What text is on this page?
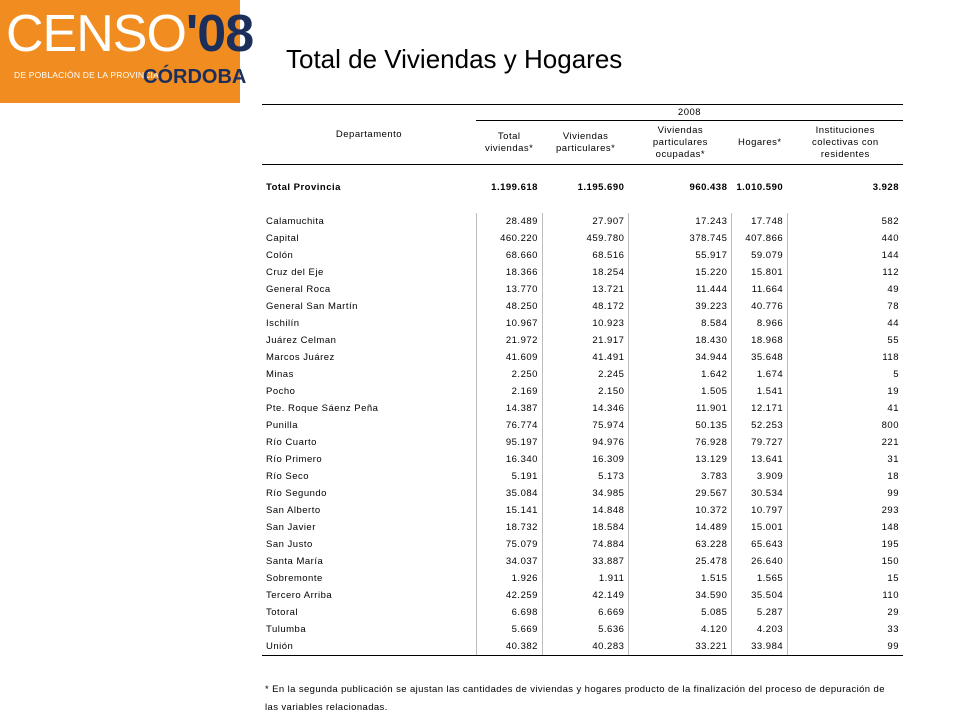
CENSO'08
DE POBLACIÓN DE LA PROVINCIA
CÓRDOBA
Total de Viviendas y Hogares
Departamento	2008				
	Total viviendas*	Viviendas particulares*	Viviendas particulares ocupadas*	Hogares*	Instituciones colectivas con residentes

Total Provincia	1.199.618	1.195.690	960.438	1.010.590	3.928

Calamuchita	28.489	27.907	17.243	17.748	582
Capital	460.220	459.780	378.745	407.866	440
Colón	68.660	68.516	55.917	59.079	144
Cruz del Eje	18.366	18.254	15.220	15.801	112
General Roca	13.770	13.721	11.444	11.664	49
General San Martín	48.250	48.172	39.223	40.776	78
Ischilín	10.967	10.923	8.584	8.966	44
Juárez Celman	21.972	21.917	18.430	18.968	55
Marcos Juárez	41.609	41.491	34.944	35.648	118
Minas	2.250	2.245	1.642	1.674	5
Pocho	2.169	2.150	1.505	1.541	19
Pte. Roque Sáenz Peña	14.387	14.346	11.901	12.171	41
Punilla	76.774	75.974	50.135	52.253	800
Río Cuarto	95.197	94.976	76.928	79.727	221
Río Primero	16.340	16.309	13.129	13.641	31
Río Seco	5.191	5.173	3.783	3.909	18
Río Segundo	35.084	34.985	29.567	30.534	99
San Alberto	15.141	14.848	10.372	10.797	293
San Javier	18.732	18.584	14.489	15.001	148
San Justo	75.079	74.884	63.228	65.643	195
Santa María	34.037	33.887	25.478	26.640	150
Sobremonte	1.926	1.911	1.515	1.565	15
Tercero Arriba	42.259	42.149	34.590	35.504	110
Totoral	6.698	6.669	5.085	5.287	29
Tulumba	5.669	5.636	4.120	4.203	33
Unión	40.382	40.283	33.221	33.984	99
* En la segunda publicación se ajustan las cantidades de viviendas y hogares producto de la finalización del proceso de depuración de las variables relacionadas.
